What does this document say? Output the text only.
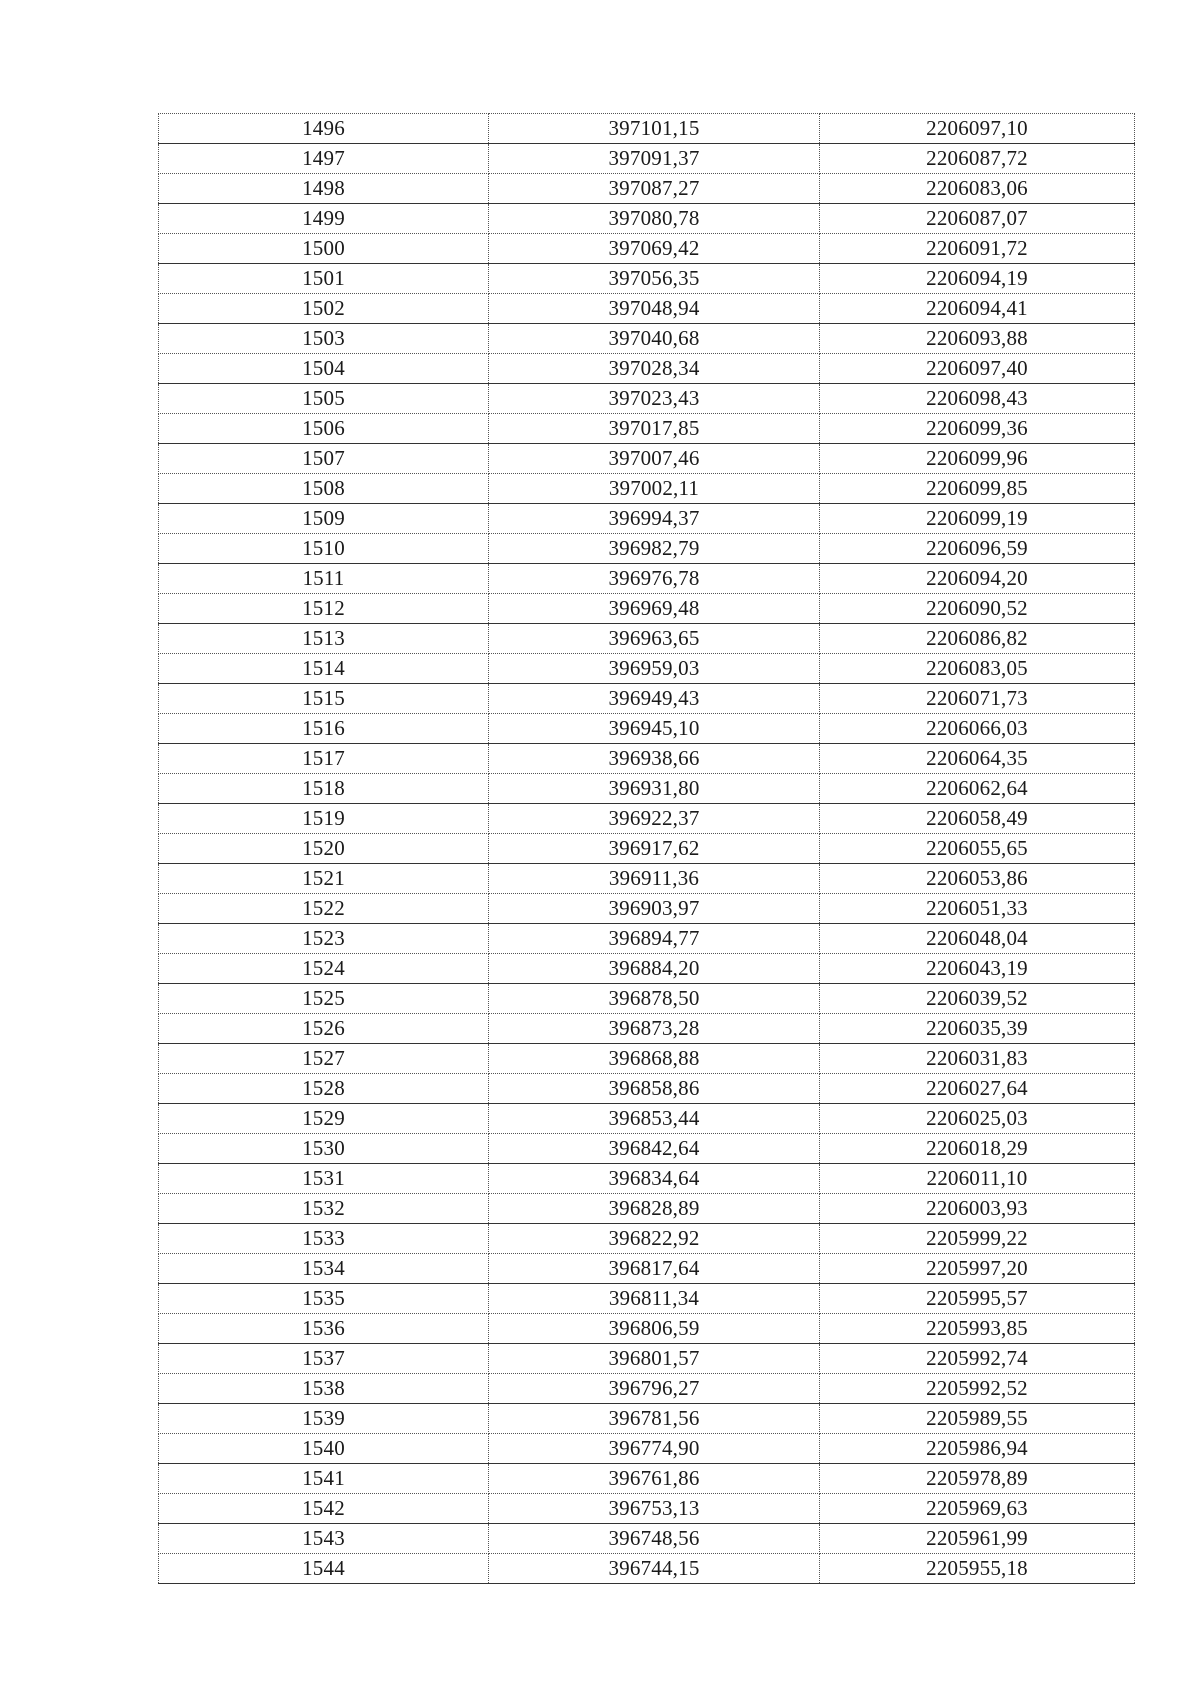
1496	397101,15	2206097,10
1497	397091,37	2206087,72
1498	397087,27	2206083,06
1499	397080,78	2206087,07
1500	397069,42	2206091,72
1501	397056,35	2206094,19
1502	397048,94	2206094,41
1503	397040,68	2206093,88
1504	397028,34	2206097,40
1505	397023,43	2206098,43
1506	397017,85	2206099,36
1507	397007,46	2206099,96
1508	397002,11	2206099,85
1509	396994,37	2206099,19
1510	396982,79	2206096,59
1511	396976,78	2206094,20
1512	396969,48	2206090,52
1513	396963,65	2206086,82
1514	396959,03	2206083,05
1515	396949,43	2206071,73
1516	396945,10	2206066,03
1517	396938,66	2206064,35
1518	396931,80	2206062,64
1519	396922,37	2206058,49
1520	396917,62	2206055,65
1521	396911,36	2206053,86
1522	396903,97	2206051,33
1523	396894,77	2206048,04
1524	396884,20	2206043,19
1525	396878,50	2206039,52
1526	396873,28	2206035,39
1527	396868,88	2206031,83
1528	396858,86	2206027,64
1529	396853,44	2206025,03
1530	396842,64	2206018,29
1531	396834,64	2206011,10
1532	396828,89	2206003,93
1533	396822,92	2205999,22
1534	396817,64	2205997,20
1535	396811,34	2205995,57
1536	396806,59	2205993,85
1537	396801,57	2205992,74
1538	396796,27	2205992,52
1539	396781,56	2205989,55
1540	396774,90	2205986,94
1541	396761,86	2205978,89
1542	396753,13	2205969,63
1543	396748,56	2205961,99
1544	396744,15	2205955,18
